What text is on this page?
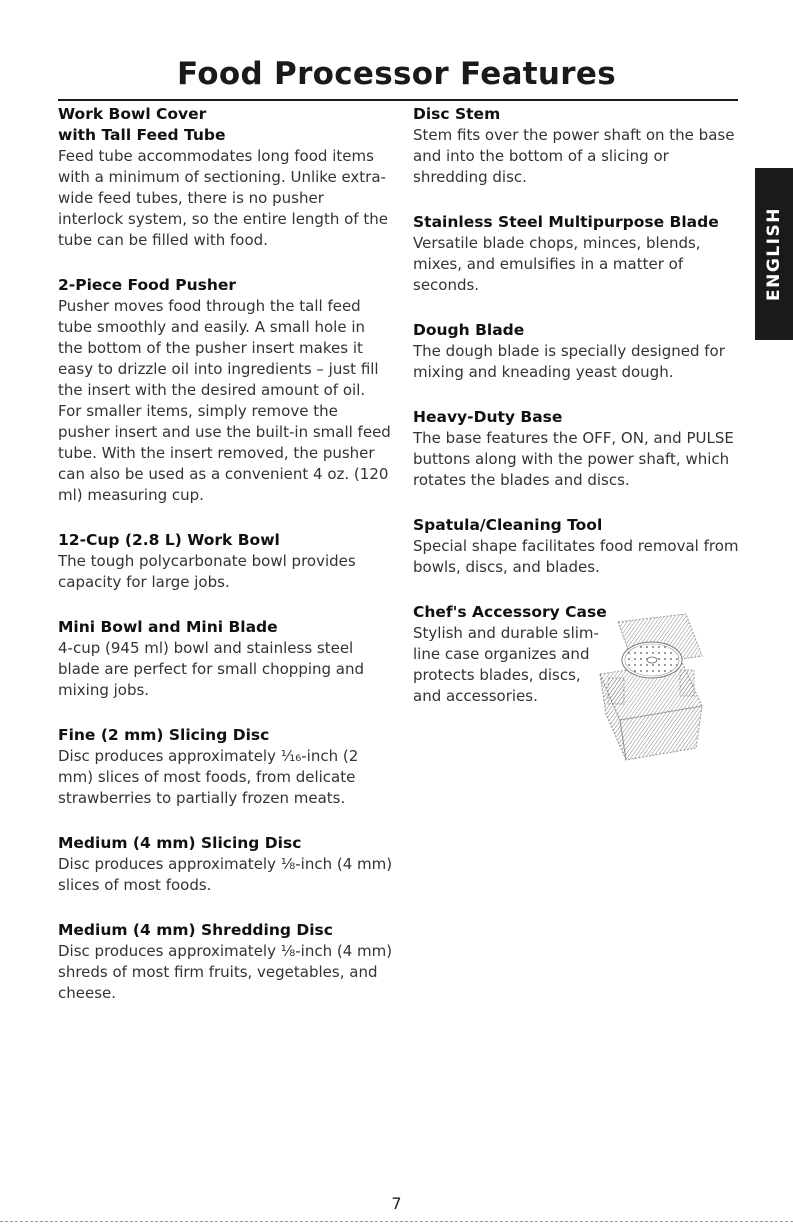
Food Processor Features
ENGLISH
Work Bowl Cover
with Tall Feed Tube

Feed tube accommodates long food items with a minimum of sectioning. Unlike extra-wide feed tubes, there is no pusher interlock system, so the entire length of the tube can be filled with food.

2-Piece Food Pusher

Pusher moves food through the tall feed tube smoothly and easily. A small hole in the bottom of the pusher insert makes it easy to drizzle oil into ingredients – just fill the insert with the desired amount of oil. For smaller items, simply remove the pusher insert and use the built-in small feed tube. With the insert removed, the pusher can also be used as a convenient 4 oz. (120 ml) measuring cup.

12-Cup (2.8 L) Work Bowl

The tough polycarbonate bowl provides capacity for large jobs.

Mini Bowl and Mini Blade

4-cup (945 ml) bowl and stainless steel blade are perfect for small chopping and mixing jobs.

Fine (2 mm) Slicing Disc

Disc produces approximately ¹⁄₁₆-inch (2 mm) slices of most foods, from delicate strawberries to partially frozen meats.

Medium (4 mm) Slicing Disc

Disc produces approximately ⅛-inch (4 mm) slices of most foods.

Medium (4 mm) Shredding Disc

Disc produces approximately ⅛-inch (4 mm) shreds of most firm fruits, vegetables, and cheese.

Disc Stem

Stem fits over the power shaft on the base and into the bottom of a slicing or shredding disc.

Stainless Steel Multipurpose Blade

Versatile blade chops, minces, blends, mixes, and emulsifies in a matter of seconds.

Dough Blade

The dough blade is specially designed for mixing and kneading yeast dough.

Heavy-Duty Base

The base features the OFF, ON, and PULSE buttons along with the power shaft, which rotates the blades and discs.

Spatula/Cleaning Tool

Special shape facilitates food removal from bowls, discs, and blades.

Chef's Accessory Case

Stylish and durable slim-line case organizes and protects blades, discs, and accessories.

7
